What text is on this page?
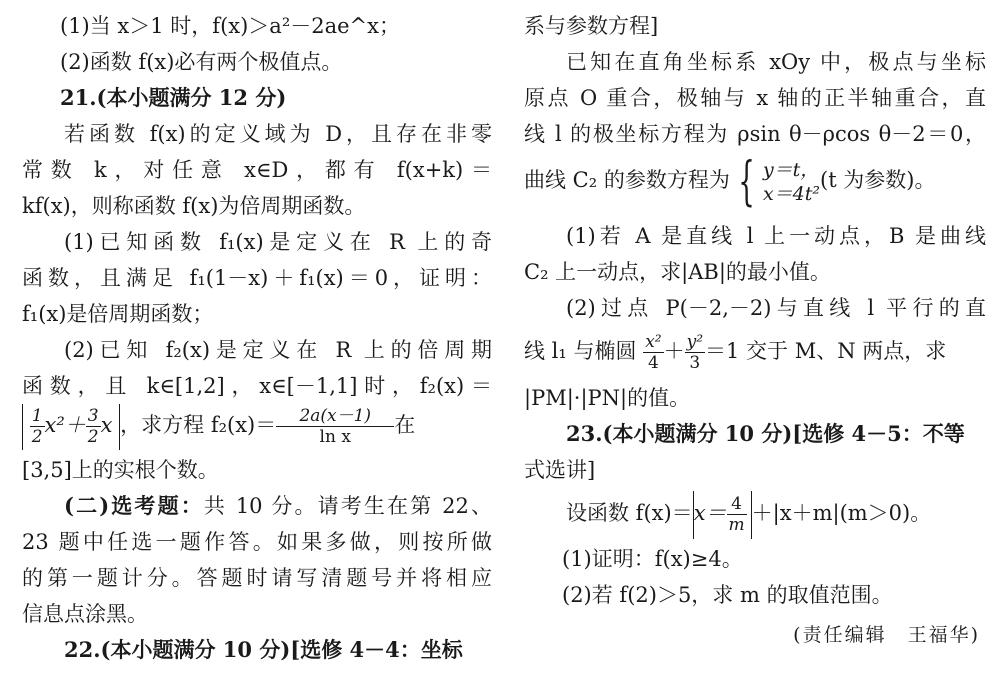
(1)当 x＞1 时，f(x)＞a²－2ae^x；
(2)函数 f(x)必有两个极值点。
21.(本小题满分 12 分)
若函数 f(x)的定义域为 D，且存在非零
常数 k，对任意 x∈D，都有 f(x+k)＝
kf(x)，则称函数 f(x)为倍周期函数。
(1)已知函数 f₁(x)是定义在 R 上的奇
函数，且满足 f₁(1－x)＋f₁(x)＝0，证明：
f₁(x)是倍周期函数；
(2)已知 f₂(x)是定义在 R 上的倍周期
函数，且 k∈[1,2]，x∈[－1,1]时，f₂(x)＝

$\frac{1}{2} x^2+ \frac{3}{2}$ x ，求方程 $f_2(x)= \frac{2a(x-1)}{\text{ln x}}$ 在
[3,5]上的实根个数。
(二)选考题：共 10 分。请考生在第 22、
23 题中任选一题作答。如果多做，则按所做
的第一题计分。答题时请写清题号并将相应
信息点涂黑。
22.(本小题满分 10 分)[选修 4－4：坐标
系与参数方程]
已知在直角坐标系 xOy 中，极点与坐标
原点 O 重合，极轴与 x 轴的正半轴重合，直
线 l 的极坐标方程为 ρsin θ－ρcos θ－2＝0，
曲线 C₂ 的参数方程为 { y＝t，
x＝4t²
(t 为参数)。
(1)若 A 是直线 l 上一动点，B 是曲线
C₂ 上一动点，求|AB|的最小值。
(2)过点 P(－2,－2)与直线 l 平行的直
线 l₁ 与椭圆 $\frac{\text{x²}}{4} + \frac{\text{y²}}{3} =1$ 交于 M、N 两点，求
|PM|·|PN|的值。
23.(本小题满分 10 分)[选修 4－5：不等
式选讲]
设函数 $f(x)=x= \frac{4}{m} +|x+m|(m>0)$。
(1)证明：f(x)≥4。
(2)若 f(2)＞5，求 m 的取值范围。
(责任编辑　王福华)
